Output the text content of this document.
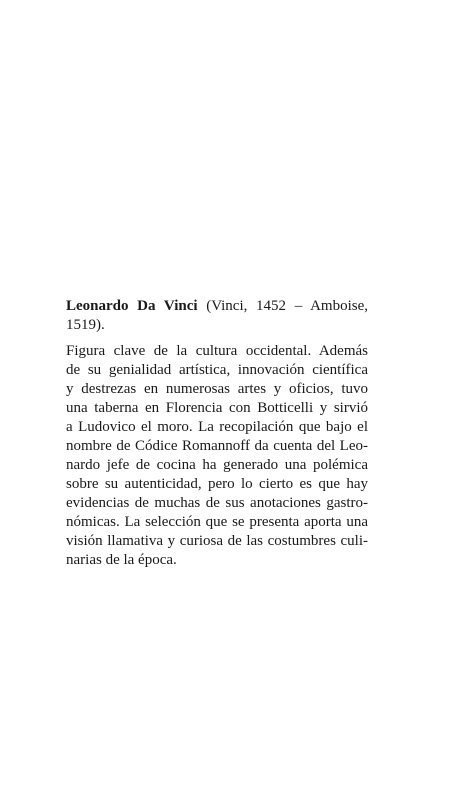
Leonardo Da Vinci (Vinci, 1452 – Amboise,
1519).

Figura clave de la cultura occidental. Además
de su genialidad artística, innovación científica
y destrezas en numerosas artes y oficios, tuvo
una taberna en Florencia con Botticelli y sirvió
a Ludovico el moro. La recopilación que bajo el
nombre de Códice Romannoff da cuenta del Leo-
nardo jefe de cocina ha generado una polémica
sobre su autenticidad, pero lo cierto es que hay
evidencias de muchas de sus anotaciones gastro-
nómicas. La selección que se presenta aporta una
visión llamativa y curiosa de las costumbres culi-
narias de la época.
